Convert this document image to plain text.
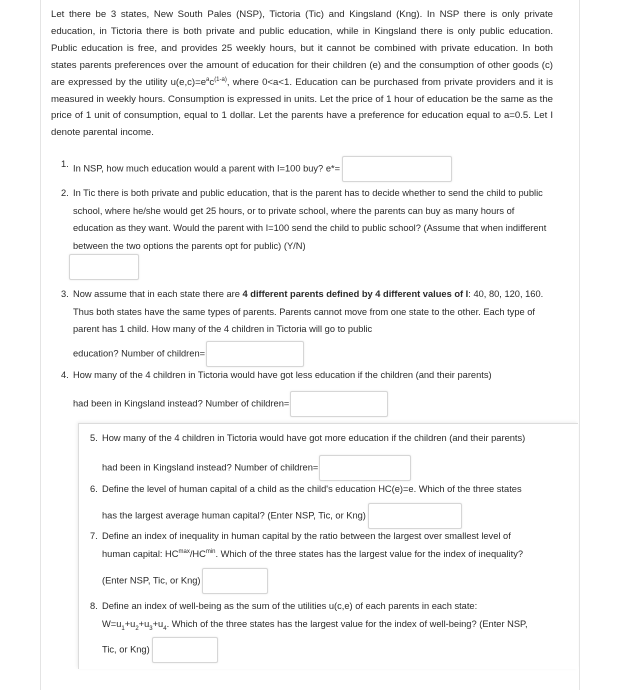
Let there be 3 states, New South Pales (NSP), Tictoria (Tic) and Kingsland (Kng). In NSP there is only private education, in Tictoria there is both private and public education, while in Kingsland there is only public education. Public education is free, and provides 25 weekly hours, but it cannot be combined with private education. In both states parents preferences over the amount of education for their children (e) and the consumption of other goods (c) are expressed by the utility $u(e,c)=e^ac^{(1-a)}$, where 0<a<1. Education can be purchased from private providers and it is measured in weekly hours. Consumption is expressed in units. Let the price of 1 hour of education be the same as the price of 1 unit of consumption, equal to 1 dollar. Let the parents have a preference for education equal to a=0.5. Let I denote parental income.

1. In NSP, how much education would a parent with I=100 buy? e*=
2. In Tic there is both private and public education, that is the parent has to decide whether to send the child to public school, where he/she would get 25 hours, or to private school, where the parents can buy as many hours of education as they want. Would the parent with I=100 send the child to public school? (Assume that when indifferent between the two options the parents opt for public) (Y/N)
3. Now assume that in each state there are 4 different parents defined by 4 different values of I: 40, 80, 120, 160. Thus both states have the same types of parents. Parents cannot move from one state to the other. Each type of parent has 1 child. How many of the 4 children in Tictoria will go to public
education? Number of children=
4. How many of the 4 children in Tictoria would have got less education if the children (and their parents)
had been in Kingsland instead? Number of children=
5. How many of the 4 children in Tictoria would have got more education if the children (and their parents)
had been in Kingsland instead? Number of children=
6. Define the level of human capital of a child as the child's education HC(e)=e. Which of the three states
has the largest average human capital? (Enter NSP, Tic, or Kng)
7. Define an index of inequality in human capital by the ratio between the largest over smallest level of
human capital: $HC^{max}/HC^{min}$. Which of the three states has the largest value for the index of inequality?
(Enter NSP, Tic, or Kng)
8. Define an index of well-being as the sum of the utilities u(c,e) of each parents in each state:
$W=u_1+u_2+u_3+u_4$. Which of the three states has the largest value for the index of well-being? (Enter NSP,
Tic, or Kng)
